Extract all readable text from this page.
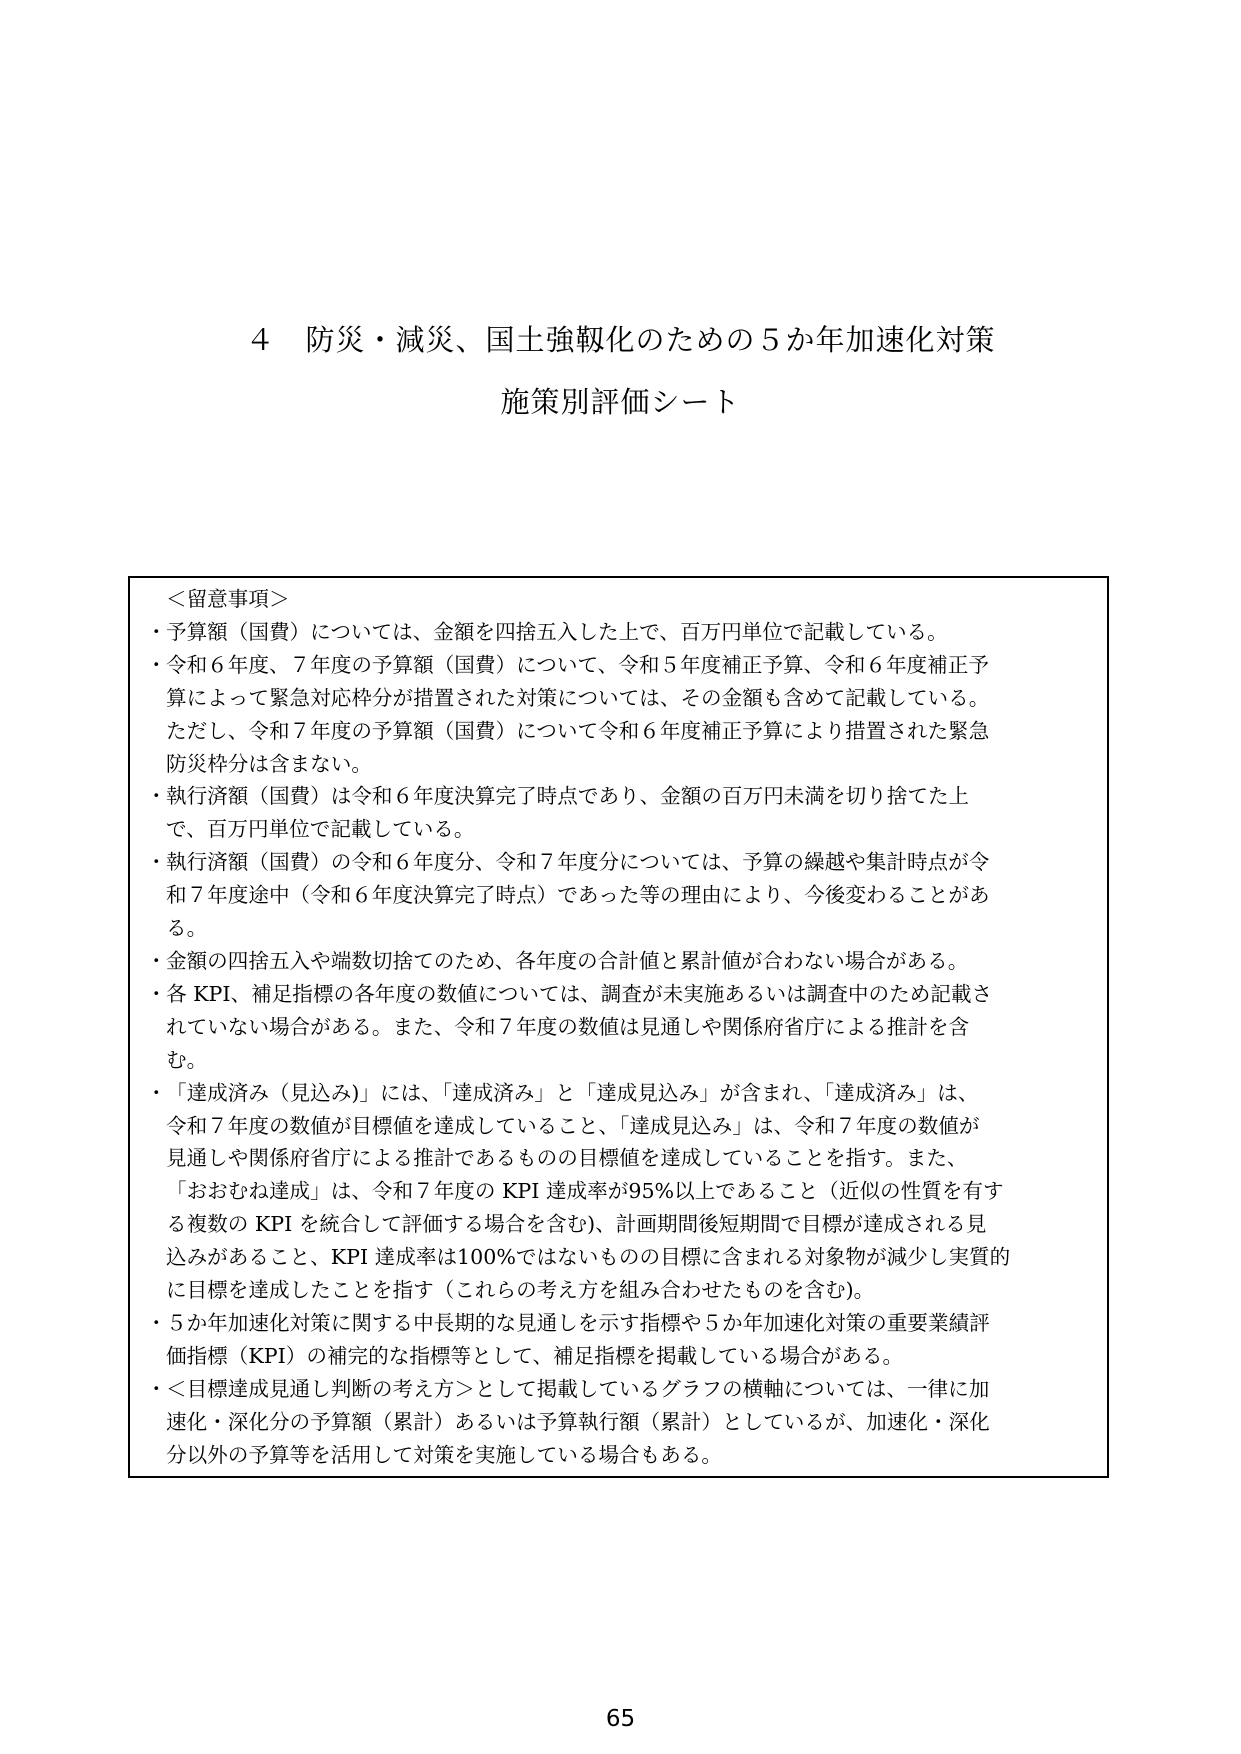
４　防災・減災、国土強靱化のための５か年加速化対策
施策別評価シート
＜留意事項＞
・ 予算額（国費）については、金額を四捨五入した上で、百万円単位で記載している。
・ 令和６年度、７年度の予算額（国費）について、令和５年度補正予算、令和６年度補正予
算によって緊急対応枠分が措置された対策については、その金額も含めて記載している。
ただし、令和７年度の予算額（国費）について令和６年度補正予算により措置された緊急
防災枠分は含まない。
・ 執行済額（国費）は令和６年度決算完了時点であり、金額の百万円未満を切り捨てた上
で、百万円単位で記載している。
・ 執行済額（国費）の令和６年度分、令和７年度分については、予算の繰越や集計時点が令
和７年度途中（令和６年度決算完了時点）であった等の理由により、今後変わることがあ
る。
・ 金額の四捨五入や端数切捨てのため、各年度の合計値と累計値が合わない場合がある。
・ 各 KPI、補足指標の各年度の数値については、調査が未実施あるいは調査中のため記載さ
れていない場合がある。また、令和７年度の数値は見通しや関係府省庁による推計を含
む。
・ 「達成済み（見込み)」には、「達成済み」と「達成見込み」が含まれ、「達成済み」は、
令和７年度の数値が目標値を達成していること、「達成見込み」は、令和７年度の数値が
見通しや関係府省庁による推計であるものの目標値を達成していることを指す。また、
「おおむね達成」は、令和７年度の KPI 達成率が95%以上であること（近似の性質を有す
る複数の KPI を統合して評価する場合を含む)、計画期間後短期間で目標が達成される見
込みがあること、KPI 達成率は100%ではないものの目標に含まれる対象物が減少し実質的
に目標を達成したことを指す（これらの考え方を組み合わせたものを含む)。
・ ５か年加速化対策に関する中長期的な見通しを示す指標や５か年加速化対策の重要業績評
価指標（KPI）の補完的な指標等として、補足指標を掲載している場合がある。
・ ＜目標達成見通し判断の考え方＞として掲載しているグラフの横軸については、一律に加
速化・深化分の予算額（累計）あるいは予算執行額（累計）としているが、加速化・深化
分以外の予算等を活用して対策を実施している場合もある。
65
